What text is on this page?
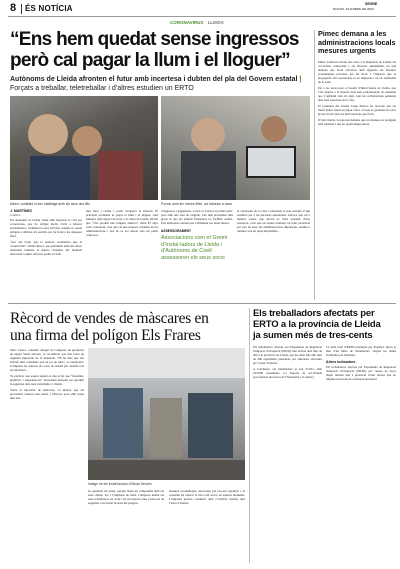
8 ÉS NOTÍCIA	SEGRE
DIJOUS, 19 D'ABRIL DE 2020
CORONAVIRUS LLEIDA
“Ens hem quedat sense ingressos
però cal pagar la llum i el lloguer”
Autònoms de Lleida afronten el futur amb incertesa i dubten del pla del Govern estatal | Forçats a treballar, teletreballar i d’altres estudien un ERTO
Albert, conilliant el seu habitatge amb els seus dos fills.	Poonà, amb les meves filles, col·laborant a casa.
J. MARTÍNEZ
LLEIDA
Els autònoms de Lleida viuen amb incertesa la crisi per coronavirus, que ha obligat molts d’ells a haturar parcialment o totalment la seva activitat. Alguns es veuen obligats a utilitzar els estalvis per fer front a les despeses fixes.
“Ara em trobo que la situació econòmica que el coronavirus”, afirma Roser, que juntament amb uns altres autònoms lamenta la manca d’ajudes. De moment desconeix a quins recursos podrà accedir.
més forta i confia a poder recuperar la situació. El principal problema és pagar la llum i el lloguer. José Manuel, amb negoci de fresa a la ciutat de Lleida, afirma que “s’ha produït una caiguda dràstica”. Amb 45 anys com a autònom, creu que cal una resposta conjunta de les administracions i que no es pot deixar sols els petits comerços.
d’ingressos i pagaments. I aviat es trobarà al primer pilar, però amb una taxa de caiguda. Uns dels problemes més greus és que les entitats financeres no facilitin crèdits. Uns indicadors alerten que l’aïllament pot durar mesos.
ASSESSORAMENT
Associacions com el Gremi d’Instal·ladors de Lleida i d’Autònoms de Coell assessoren els seus socis
al capdavant de la crisi i basteixen el nou sistema d’ajut establert per a les persones autònomes. Advoca que cal a màxim. Laura, que encara es troba pendent d’una resolució, creu que en aquest moment cal tenir paciència per part de totes les administracions implicades. Anima a tramitar tots els ajuts disponibles.
Pimec demana a les administracions locals mesures urgents
Pimec Lleida ha enviat una carta a la Diputació de Lleida, als col·lectius comercials i als diversos ajuntaments en què demana que facin efectives amb urgència les mesures econòmiques previstes per fer front a l’impacte que la propagació del coronavirus té en empreses i en els autònoms de la zona.
Per a les seves part, el Gremi d’Instal·ladors de Lleida, que s’ha adaptat a la situació dels seus professionals, ha demanat que s’agilitzin tant els ajuts com les reclamacions pendents dels seus associats en la crisi.
El president del Gremi, Josep Pinosa, ha recordat que els instal·ladors tenen un paper clau i cal que es garanteixi la seva protecció en totes les intervencions que facin.
D’altra banda, la patronal demana que les mesures es prenguin amb rapidesa i que no quedi ningú enrere.
Rècord de vendes de màscares en
una firma del polígon Els Frares
Marc Castro, conseller delegat de l’empresa de productes de neteja Sieda Serveis, va reconèixer que han notat un augment important de la demanda. “Hi ha dies que ens arriben més comandes que en tot un mes”, va assenyalar. L’empresa ha reforçat els torns de treball per atendre tots els encàrrecs.
Va explicar que aquest repunt es deu al fet que “hospitals, geriàtrics i supermercats” necessiten material per garantir la seguretat dels seus treballadors i clients.
Sobre la reposició de màscares, va indicar que els proveïdors xinesos han tornat a fabricar, però amb preus més alts.
Imatge de les instal·lacions d’Sieda Serveis.
no apujaran els preus, perquè tenen un compromís amb els seus clients. Tot i l’augment de feina, l’empresa manté els seus treballadors en actiu i ha incorporat nous protocols de seguretat a les instal·lacions del polígon.
mesures econòmiques aprovades pel Govern espanyol i el conseller ha valorat la tasca del sector en aquests moments. L’empresa preveu continuar amb l’activitat mentre duri l’estat d’alarma.
Els treballadors afectats per
ERTO a la província de Lleida
ja sumen més de tres-cents
Els treballadors afectats per Expedients de Regulació Temporal d’Ocupació (ERTO) han arribat dels més de 300 a la província de Lleida, que ha rebut fins ahir més de 400 expedients presentats per empreses afectades per l’estat d’alarma.
A Catalunya, els treballadors ja són 27.651, amb 165.000 expedients. La majoria de sol·licituds procedeixen del sector de l’hostaleria i el comerç.
La xifra total d’ERTO plantejats per Espanya afecta ja més d’un milió de treballadors, segons les dades facilitades pel ministeri.
Altres indicadors
Els treballadors afectats per Expedients de Regulació Temporal d’Ocupació (ERTO) per causes de força major tindran dret a prestació d’atur encara que no tinguin el període de cotització necessari.
